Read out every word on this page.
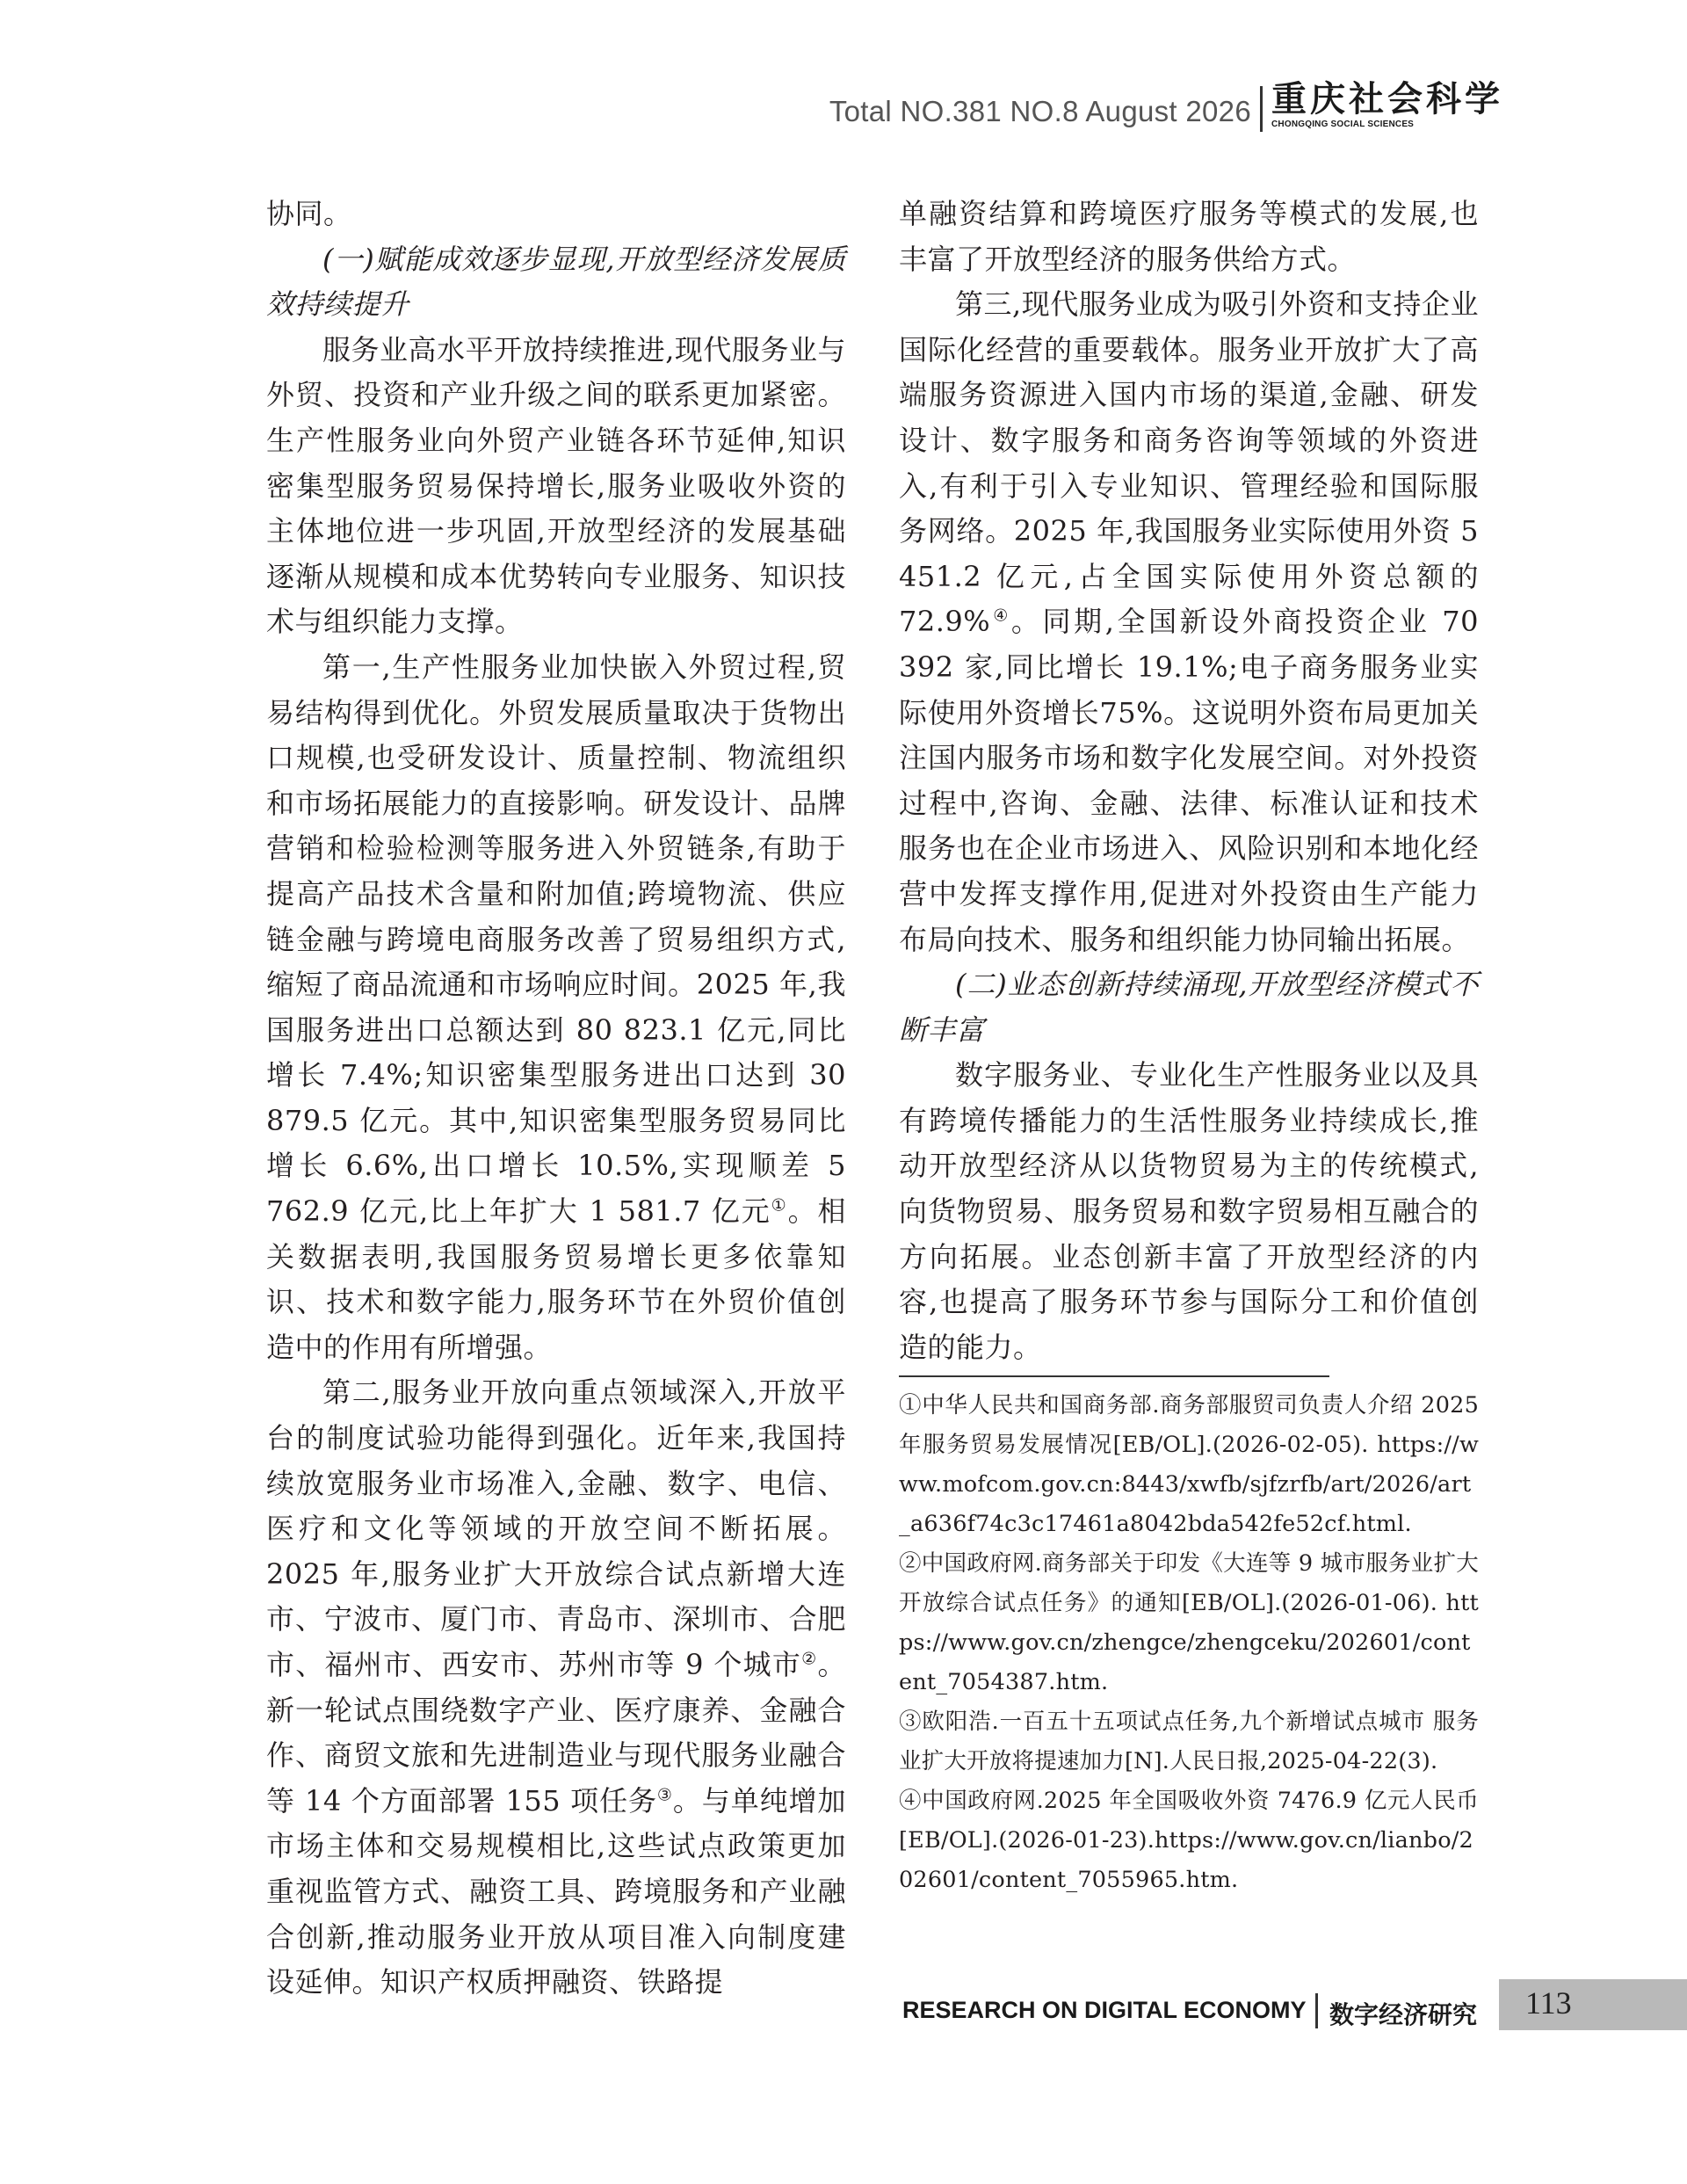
Total NO.381 NO.8 August 2026 重庆社会科学
CHONGQING SOCIAL SCIENCES

协同。

(一)赋能成效逐步显现,开放型经济发展质效持续提升

服务业高水平开放持续推进,现代服务业与外贸、投资和产业升级之间的联系更加紧密。生产性服务业向外贸产业链各环节延伸,知识密集型服务贸易保持增长,服务业吸收外资的主体地位进一步巩固,开放型经济的发展基础逐渐从规模和成本优势转向专业服务、知识技术与组织能力支撑。

第一,生产性服务业加快嵌入外贸过程,贸易结构得到优化。外贸发展质量取决于货物出口规模,也受研发设计、质量控制、物流组织和市场拓展能力的直接影响。研发设计、品牌营销和检验检测等服务进入外贸链条,有助于提高产品技术含量和附加值;跨境物流、供应链金融与跨境电商服务改善了贸易组织方式,缩短了商品流通和市场响应时间。2025 年,我国服务进出口总额达到 80 823.1 亿元,同比增长 7.4%;知识密集型服务进出口达到 30 879.5 亿元。其中,知识密集型服务贸易同比增长 6.6%,出口增长 10.5%,实现顺差 5 762.9 亿元,比上年扩大 1 581.7 亿元①。相关数据表明,我国服务贸易增长更多依靠知识、技术和数字能力,服务环节在外贸价值创造中的作用有所增强。

第二,服务业开放向重点领域深入,开放平台的制度试验功能得到强化。近年来,我国持续放宽服务业市场准入,金融、数字、电信、医疗和文化等领域的开放空间不断拓展。2025 年,服务业扩大开放综合试点新增大连市、宁波市、厦门市、青岛市、深圳市、合肥市、福州市、西安市、苏州市等 9 个城市②。新一轮试点围绕数字产业、医疗康养、金融合作、商贸文旅和先进制造业与现代服务业融合等 14 个方面部署 155 项任务③。与单纯增加市场主体和交易规模相比,这些试点政策更加重视监管方式、融资工具、跨境服务和产业融合创新,推动服务业开放从项目准入向制度建设延伸。知识产权质押融资、铁路提

单融资结算和跨境医疗服务等模式的发展,也丰富了开放型经济的服务供给方式。

第三,现代服务业成为吸引外资和支持企业国际化经营的重要载体。服务业开放扩大了高端服务资源进入国内市场的渠道,金融、研发设计、数字服务和商务咨询等领域的外资进入,有利于引入专业知识、管理经验和国际服务网络。2025 年,我国服务业实际使用外资 5 451.2 亿元,占全国实际使用外资总额的 72.9%④。同期,全国新设外商投资企业 70 392 家,同比增长 19.1%;电子商务服务业实际使用外资增长75%。这说明外资布局更加关注国内服务市场和数字化发展空间。对外投资过程中,咨询、金融、法律、标准认证和技术服务也在企业市场进入、风险识别和本地化经营中发挥支撑作用,促进对外投资由生产能力布局向技术、服务和组织能力协同输出拓展。

(二)业态创新持续涌现,开放型经济模式不断丰富

数字服务业、专业化生产性服务业以及具有跨境传播能力的生活性服务业持续成长,推动开放型经济从以货物贸易为主的传统模式,向货物贸易、服务贸易和数字贸易相互融合的方向拓展。业态创新丰富了开放型经济的内容,也提高了服务环节参与国际分工和价值创造的能力。

①中华人民共和国商务部.商务部服贸司负责人介绍 2025 年服务贸易发展情况[EB/OL].(2026-02-05). https://www.mofcom.gov.cn:8443/xwfb/sjfzrfb/art/2026/art_a636f74c3c17461a8042bda542fe52cf.html.

②中国政府网.商务部关于印发《大连等 9 城市服务业扩大开放综合试点任务》的通知[EB/OL].(2026-01-06). https://www.gov.cn/zhengce/zhengceku/202601/content_7054387.htm.

③欧阳浩.一百五十五项试点任务,九个新增试点城市 服务业扩大开放将提速加力[N].人民日报,2025-04-22(3).

④中国政府网.2025 年全国吸收外资 7476.9 亿元人民币[EB/OL].(2026-01-23).https://www.gov.cn/lianbo/202601/content_7055965.htm.

RESEARCH ON DIGITAL ECONOMY 数字经济研究 113
